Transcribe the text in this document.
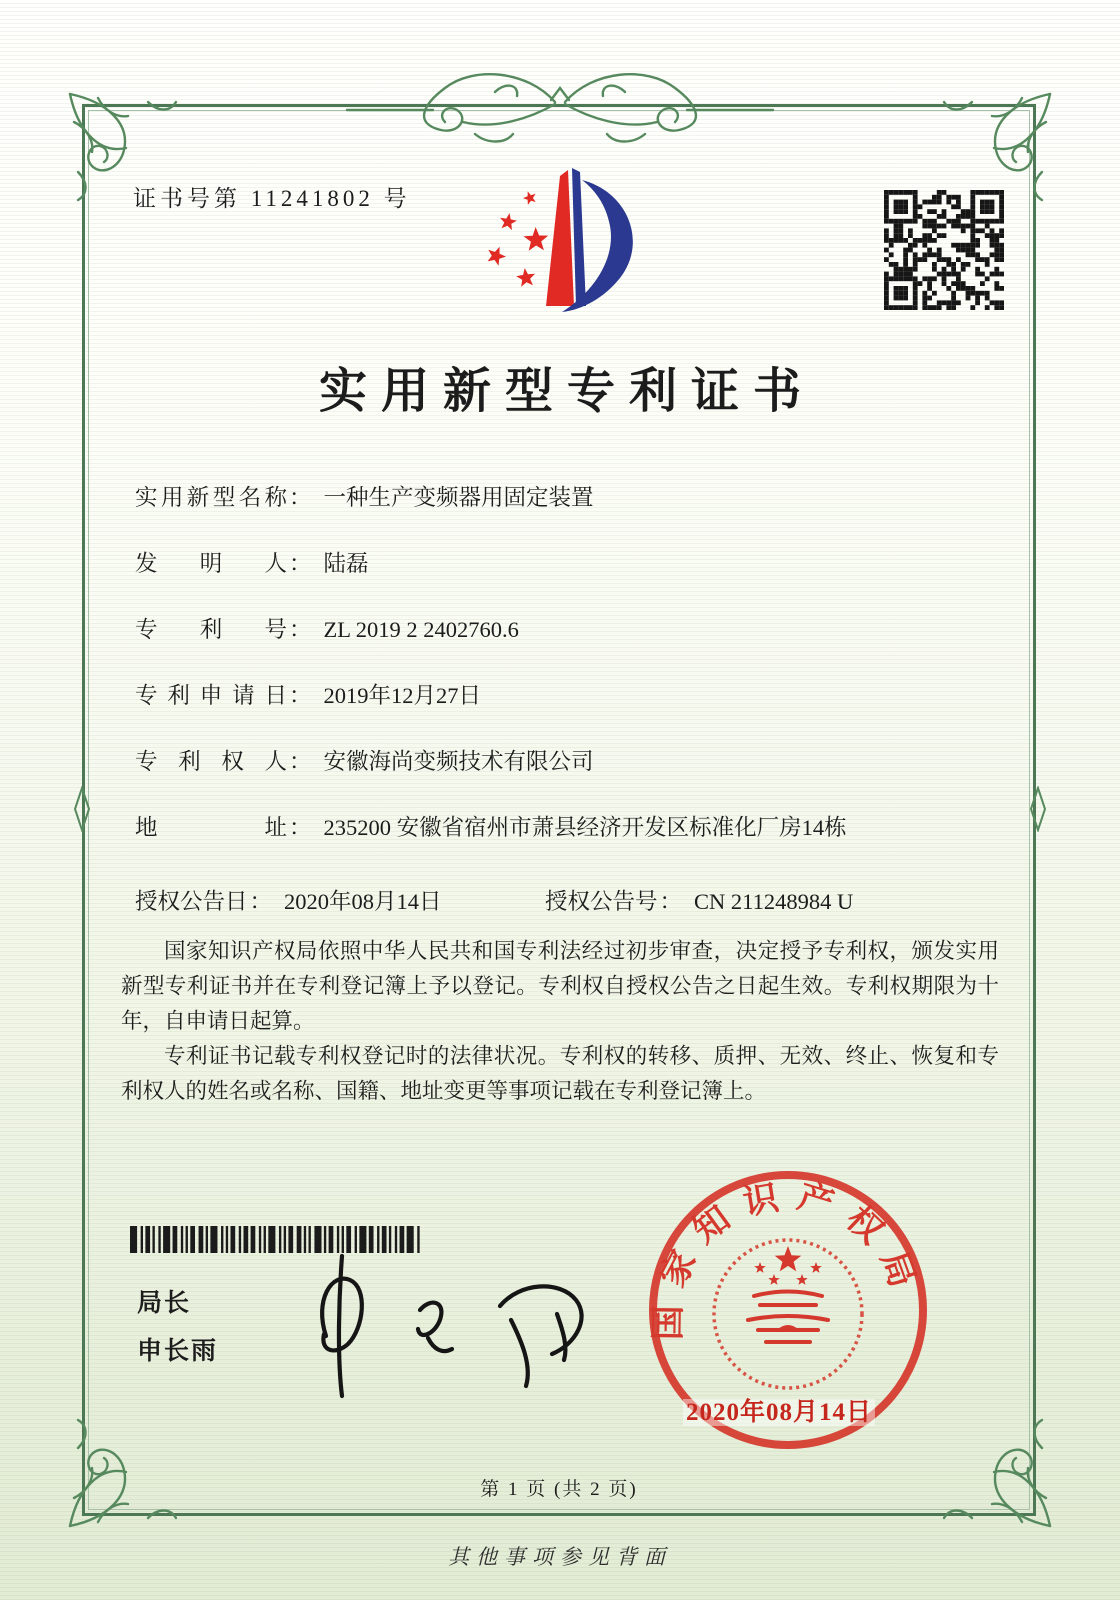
证书号第 11241802 号
实用新型专利证书
实用新型名称： 一种生产变频器用固定装置
发明人： 陆磊
专利号： ZL 2019 2 2402760.6
专利申请日： 2019年12月27日
专利权人： 安徽海尚变频技术有限公司
地址： 235200 安徽省宿州市萧县经济开发区标准化厂房14栋
授权公告日： 2020年08月14日	授权公告号： CN 211248984 U

国家知识产权局依照中华人民共和国专利法经过初步审查，决定授予专利权，颁发实用新型专利证书并在专利登记簿上予以登记。专利权自授权公告之日起生效。专利权期限为十年，自申请日起算。

专利证书记载专利权登记时的法律状况。专利权的转移、质押、无效、终止、恢复和专利权人的姓名或名称、国籍、地址变更等事项记载在专利登记簿上。

局长
申长雨
国家知识产权局
2020年08月14日
第 1 页 (共 2 页)
其他事项参见背面
